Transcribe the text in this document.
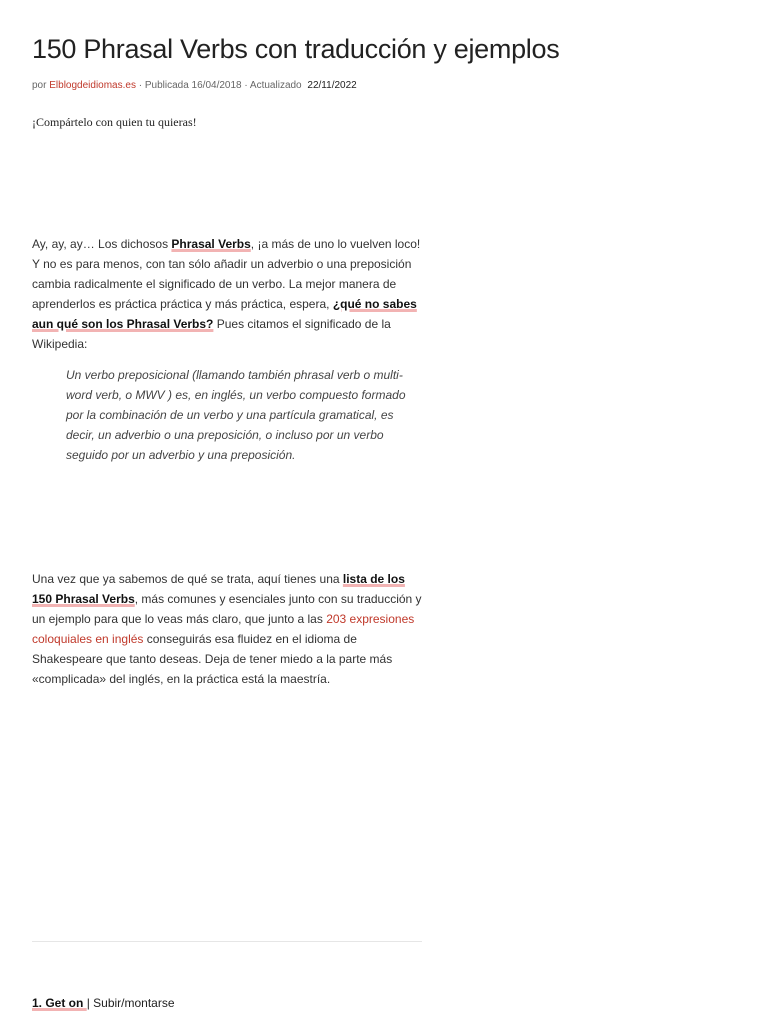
150 Phrasal Verbs con traducción y ejemplos
por Elblogdeidiomas.es · Publicada 16/04/2018 · Actualizado 22/11/2022
¡Compártelo con quien tu quieras!

Ay, ay, ay… Los dichosos Phrasal Verbs, ¡a más de uno lo vuelven loco! Y no es para menos, con tan sólo añadir un adverbio o una preposición cambia radicalmente el significado de un verbo. La mejor manera de aprenderlos es práctica práctica y más práctica, espera, ¿qué no sabes aun qué son los Phrasal Verbs? Pues citamos el significado de la Wikipedia:

Un verbo preposicional (llamando también phrasal verb o multi-word verb, o MWV ) es, en inglés, un verbo compuesto formado por la combinación de un verbo y una partícula gramatical, es decir, un adverbio o una preposición, o incluso por un verbo seguido por un adverbio y una preposición.

Una vez que ya sabemos de qué se trata, aquí tienes una lista de los 150 Phrasal Verbs, más comunes y esenciales junto con su traducción y un ejemplo para que lo veas más claro, que junto a las 203 expresiones coloquiales en inglés conseguirás esa fluidez en el idioma de Shakespeare que tanto deseas. Deja de tener miedo a la parte más «complicada» del inglés, en la práctica está la maestría.

1. Get on | Subir/montarse
